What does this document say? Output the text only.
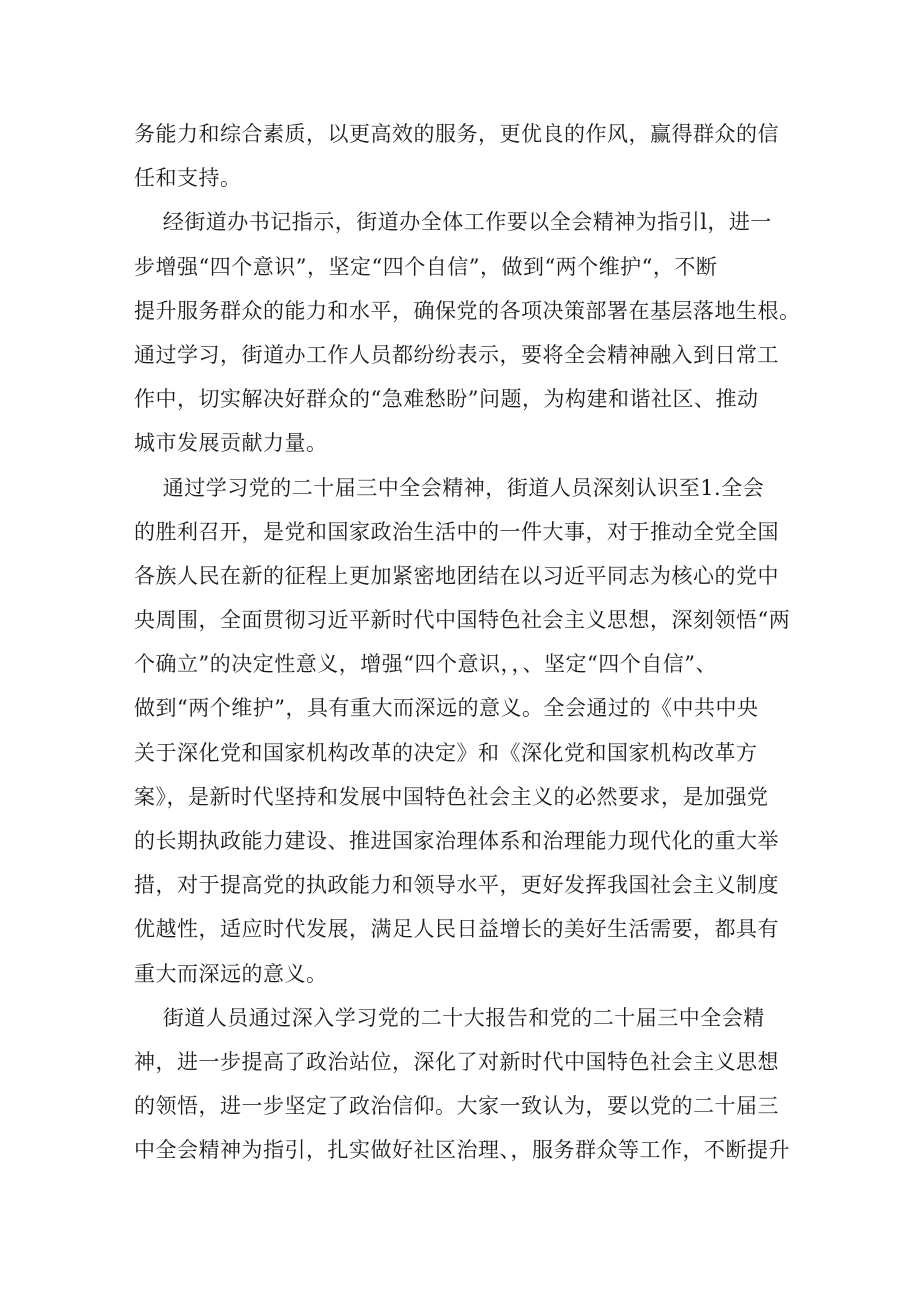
务能力和综合素质，以更高效的服务，更优良的作风，赢得群众的信
任和支持。
经街道办书记指示，街道办全体工作要以全会精神为指引l，进一
步增强“四个意识”，坚定“四个自信”，做到“两个维护“，不断
提升服务群众的能力和水平，确保党的各项决策部署在基层落地生根。
通过学习，街道办工作人员都纷纷表示，要将全会精神融入到日常工
作中，切实解决好群众的“急难愁盼”问题，为构建和谐社区、推动
城市发展贡献力量。
通过学习党的二十届三中全会精神，街道人员深刻认识至1.全会
的胜利召开，是党和国家政治生活中的一件大事，对于推动全党全国
各族人民在新的征程上更加紧密地团结在以习近平同志为核心的党中
央周围，全面贯彻习近平新时代中国特色社会主义思想，深刻领悟“两
个确立”的决定性意义，增强“四个意识，，、坚定“四个自信”、
做到“两个维护”，具有重大而深远的意义。全会通过的《中共中央
关于深化党和国家机构改革的决定》和《深化党和国家机构改革方
案》，是新时代坚持和发展中国特色社会主义的必然要求，是加强党
的长期执政能力建设、推进国家治理体系和治理能力现代化的重大举
措，对于提高党的执政能力和领导水平，更好发挥我国社会主义制度
优越性，适应时代发展，满足人民日益增长的美好生活需要，都具有
重大而深远的意义。
街道人员通过深入学习党的二十大报告和党的二十届三中全会精
神，进一步提高了政治站位，深化了对新时代中国特色社会主义思想
的领悟，进一步坚定了政治信仰。大家一致认为，要以党的二十届三
中全会精神为指引，扎实做好社区治理、，服务群众等工作，不断提升
